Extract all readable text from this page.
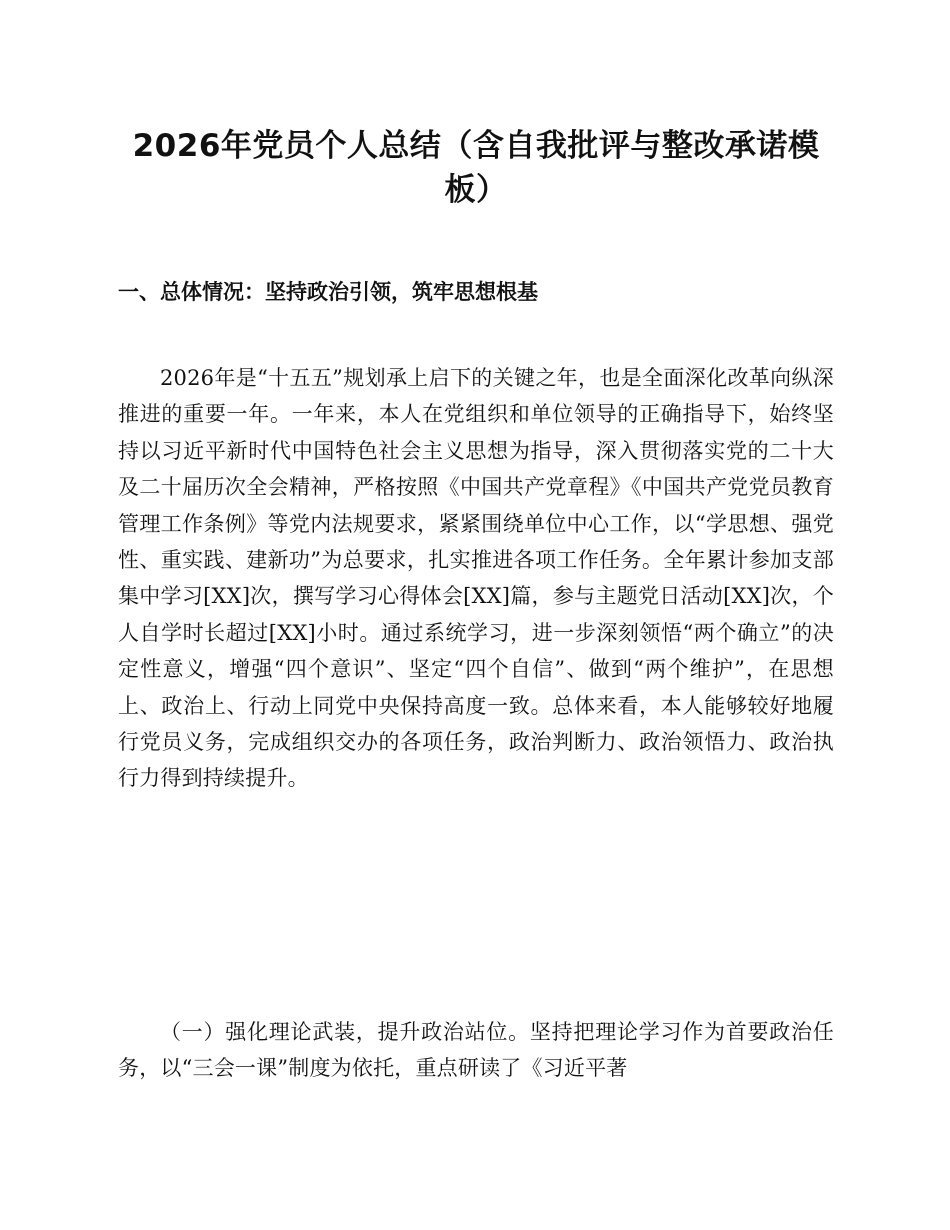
2026年党员个人总结（含自我批评与整改承诺模板）
一、总体情况：坚持政治引领，筑牢思想根基

2026年是“十五五”规划承上启下的关键之年，也是全面深化改革向纵深推进的重要一年。一年来，本人在党组织和单位领导的正确指导下，始终坚持以习近平新时代中国特色社会主义思想为指导，深入贯彻落实党的二十大及二十届历次全会精神，严格按照《中国共产党章程》《中国共产党党员教育管理工作条例》等党内法规要求，紧紧围绕单位中心工作，以“学思想、强党性、重实践、建新功”为总要求，扎实推进各项工作任务。全年累计参加支部集中学习[XX]次，撰写学习心得体会[XX]篇，参与主题党日活动[XX]次，个人自学时长超过[XX]小时。通过系统学习，进一步深刻领悟“两个确立”的决定性意义，增强“四个意识”、坚定“四个自信”、做到“两个维护”，在思想上、政治上、行动上同党中央保持高度一致。总体来看，本人能够较好地履行党员义务，完成组织交办的各项任务，政治判断力、政治领悟力、政治执行力得到持续提升。

（一）强化理论武装，提升政治站位。坚持把理论学习作为首要政治任务，以“三会一课”制度为依托，重点研读了《习近平著
